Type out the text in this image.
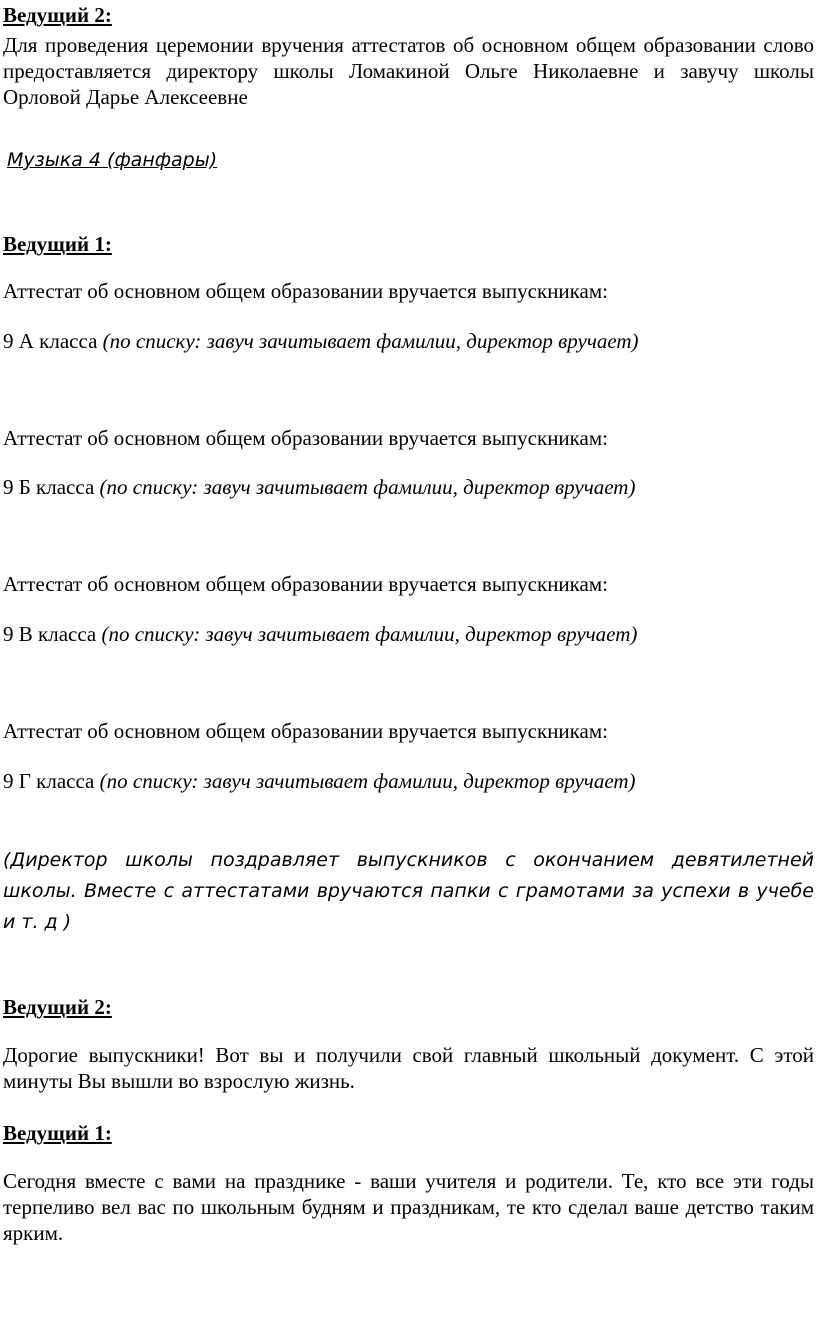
Ведущий 2:

Для проведения церемонии вручения аттестатов об основном общем образовании слово предоставляется директору школы Ломакиной Ольге Николаевне и завучу школы Орловой Дарье Алексеевне

Музыка 4 (фанфары)

Ведущий 1:

Аттестат об основном общем образовании вручается выпускникам:

9 А класса (по списку: завуч зачитывает фамилии, директор вручает)

Аттестат об основном общем образовании вручается выпускникам:

9 Б класса (по списку: завуч зачитывает фамилии, директор вручает)

Аттестат об основном общем образовании вручается выпускникам:

9 В класса (по списку: завуч зачитывает фамилии, директор вручает)

Аттестат об основном общем образовании вручается выпускникам:

9 Г класса (по списку: завуч зачитывает фамилии, директор вручает)

(Директор школы поздравляет выпускников с окончанием девятилетней школы. Вместе с аттестатами вручаются папки с грамотами за успехи в учебе и т. д )

Ведущий 2:

Дорогие выпускники! Вот вы и получили свой главный школьный документ. С этой минуты Вы вышли во взрослую жизнь.

Ведущий 1:

Сегодня вместе с вами на празднике - ваши учителя и родители. Те, кто все эти годы терпеливо вел вас по школьным будням и праздникам, те кто сделал ваше детство таким ярким.
